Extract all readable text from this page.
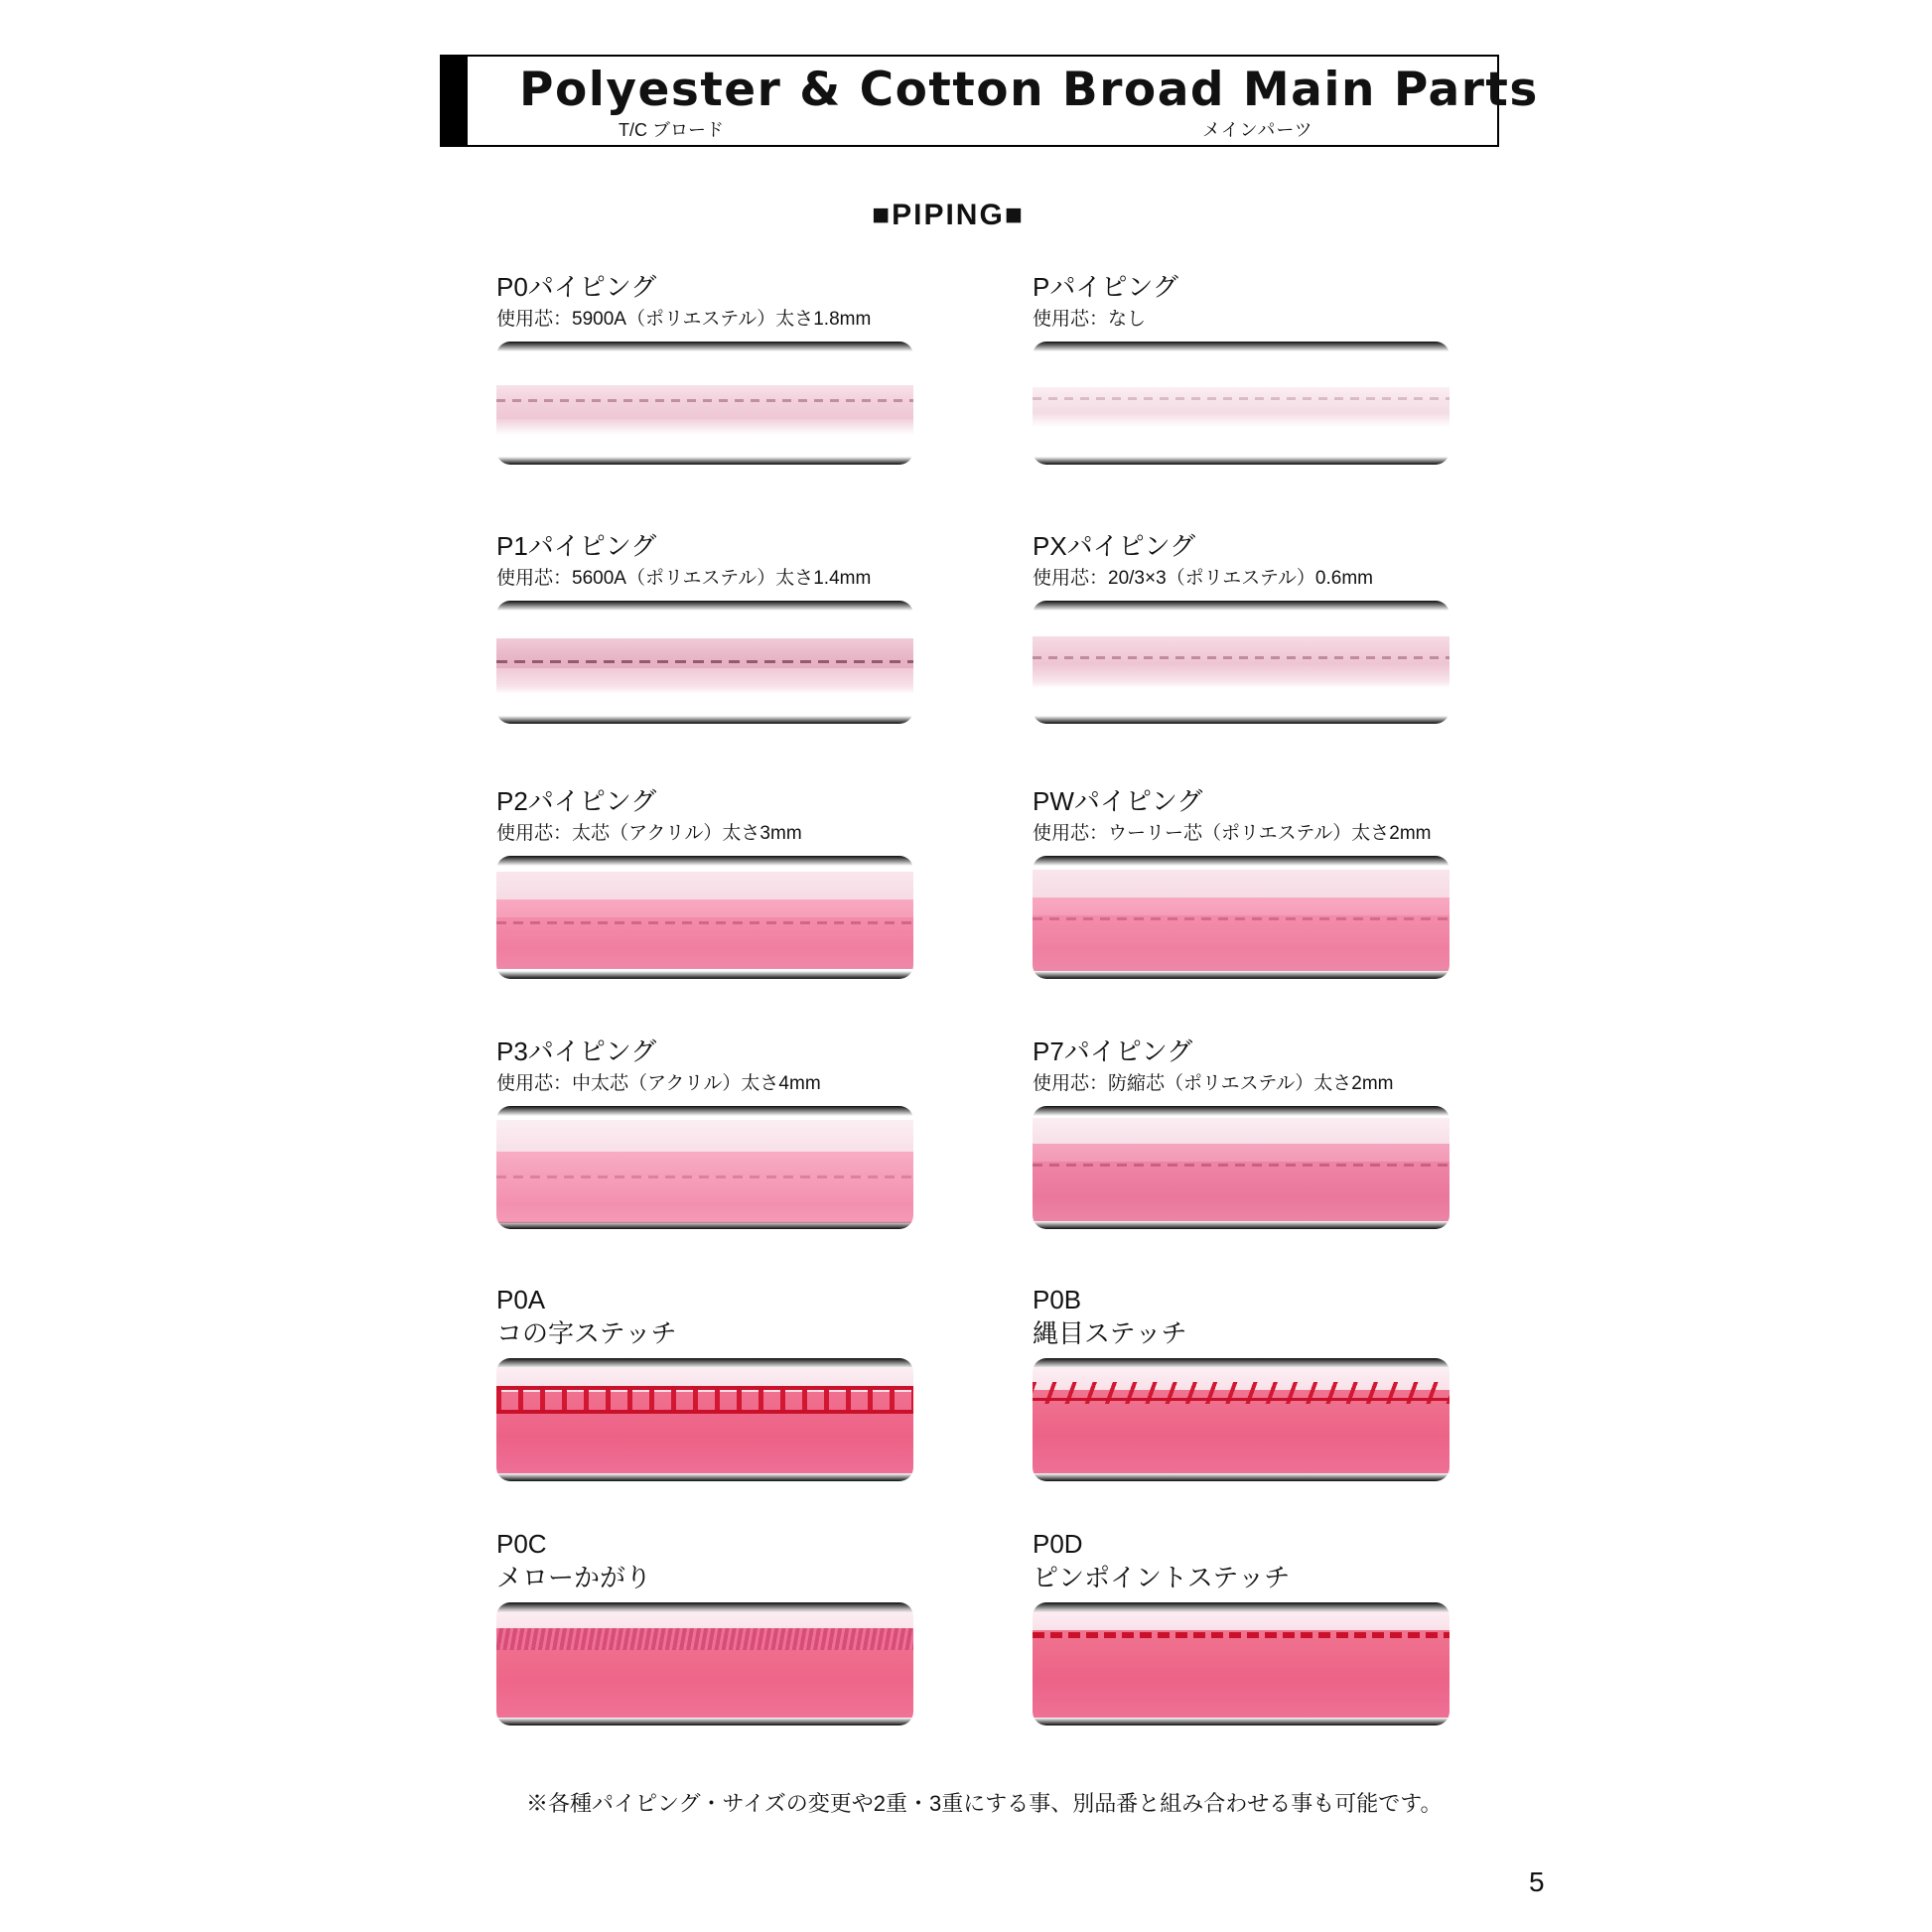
Polyester & Cotton Broad Main Parts
T/C ブロード	メインパーツ
■PIPING■
P0パイピング
使用芯：5900A（ポリエステル）太さ1.8mm
Pパイピング
使用芯：なし
P1パイピング
使用芯：5600A（ポリエステル）太さ1.4mm
PXパイピング
使用芯：20/3×3（ポリエステル）0.6mm
P2パイピング
使用芯：太芯（アクリル）太さ3mm
PWパイピング
使用芯：ウーリー芯（ポリエステル）太さ2mm
P3パイピング
使用芯：中太芯（アクリル）太さ4mm
P7パイピング
使用芯：防縮芯（ポリエステル）太さ2mm
P0A
コの字ステッチ
P0B
縄目ステッチ
P0C
メローかがり
P0D
ピンポイントステッチ
※各種パイピング・サイズの変更や2重・3重にする事、別品番と組み合わせる事も可能です。
5
